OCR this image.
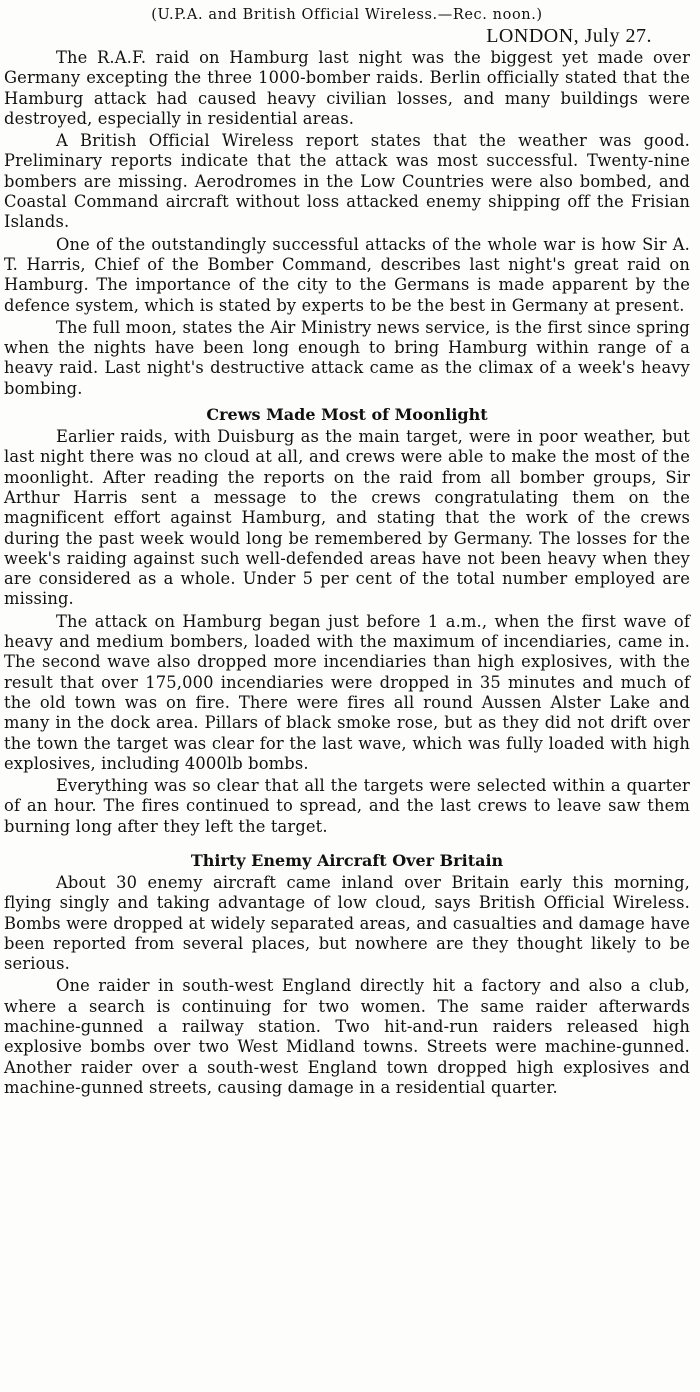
(U.P.A. and British Official Wireless.—Rec. noon.)

LONDON, July 27.

The R.A.F. raid on Hamburg last night was the biggest yet made over Germany excepting the three 1000-bomber raids. Berlin officially stated that the Hamburg attack had caused heavy civilian losses, and many buildings were destroyed, especially in residential areas.

A British Official Wireless report states that the weather was good. Preliminary reports indicate that the attack was most successful. Twenty-nine bombers are missing. Aerodromes in the Low Countries were also bombed, and Coastal Command aircraft without loss attacked enemy shipping off the Frisian Islands.

One of the outstandingly successful attacks of the whole war is how Sir A. T. Harris, Chief of the Bomber Command, describes last night's great raid on Hamburg. The importance of the city to the Germans is made apparent by the defence system, which is stated by experts to be the best in Germany at present.

The full moon, states the Air Ministry news service, is the first since spring when the nights have been long enough to bring Hamburg within range of a heavy raid. Last night's destructive attack came as the climax of a week's heavy bombing.

Crews Made Most of Moonlight

Earlier raids, with Duisburg as the main target, were in poor weather, but last night there was no cloud at all, and crews were able to make the most of the moonlight. After reading the reports on the raid from all bomber groups, Sir Arthur Harris sent a message to the crews congratulating them on the magnificent effort against Hamburg, and stating that the work of the crews during the past week would long be remembered by Germany. The losses for the week's raiding against such well-defended areas have not been heavy when they are considered as a whole. Under 5 per cent of the total number employed are missing.

The attack on Hamburg began just before 1 a.m., when the first wave of heavy and medium bombers, loaded with the maximum of incendiaries, came in. The second wave also dropped more incendiaries than high explosives, with the result that over 175,000 incendiaries were dropped in 35 minutes and much of the old town was on fire. There were fires all round Aussen Alster Lake and many in the dock area. Pillars of black smoke rose, but as they did not drift over the town the target was clear for the last wave, which was fully loaded with high explosives, including 4000lb bombs.

Everything was so clear that all the targets were selected within a quarter of an hour. The fires continued to spread, and the last crews to leave saw them burning long after they left the target.

Thirty Enemy Aircraft Over Britain

About 30 enemy aircraft came inland over Britain early this morning, flying singly and taking advantage of low cloud, says British Official Wireless. Bombs were dropped at widely separated areas, and casualties and damage have been reported from several places, but nowhere are they thought likely to be serious.

One raider in south-west England directly hit a factory and also a club, where a search is continuing for two women. The same raider afterwards machine-gunned a railway station. Two hit-and-run raiders released high explosive bombs over two West Midland towns. Streets were machine-gunned. Another raider over a south-west England town dropped high explosives and machine-gunned streets, causing damage in a residential quarter.
